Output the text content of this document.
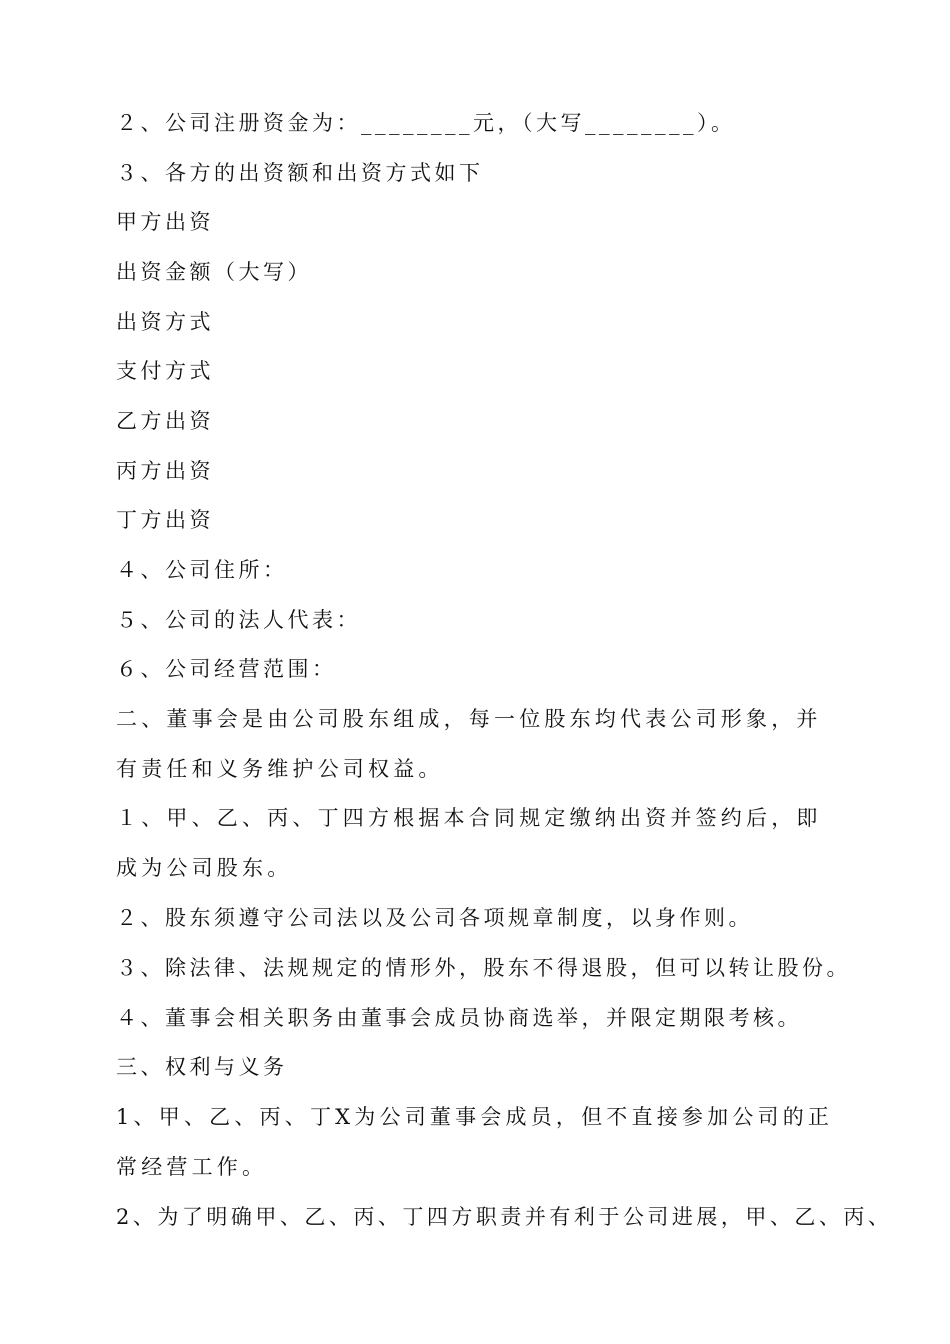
２、公司注册资金为：________元，（大写________）。
３、各方的出资额和出资方式如下
甲方出资
出资金额（大写）
出资方式
支付方式
乙方出资
丙方出资
丁方出资
４、公司住所：
５、公司的法人代表：
６、公司经营范围：
二、董事会是由公司股东组成，每一位股东均代表公司形象，并有责任和义务维护公司权益。
１、甲、乙、丙、丁四方根据本合同规定缴纳出资并签约后，即成为公司股东。
２、股东须遵守公司法以及公司各项规章制度，以身作则。
３、除法律、法规规定的情形外，股东不得退股，但可以转让股份。
４、董事会相关职务由董事会成员协商选举，并限定期限考核。
三、权利与义务
1、甲、乙、丙、丁X为公司董事会成员，但不直接参加公司的正常经营工作。
2、为了明确甲、乙、丙、丁四方职责并有利于公司进展，甲、乙、丙、
